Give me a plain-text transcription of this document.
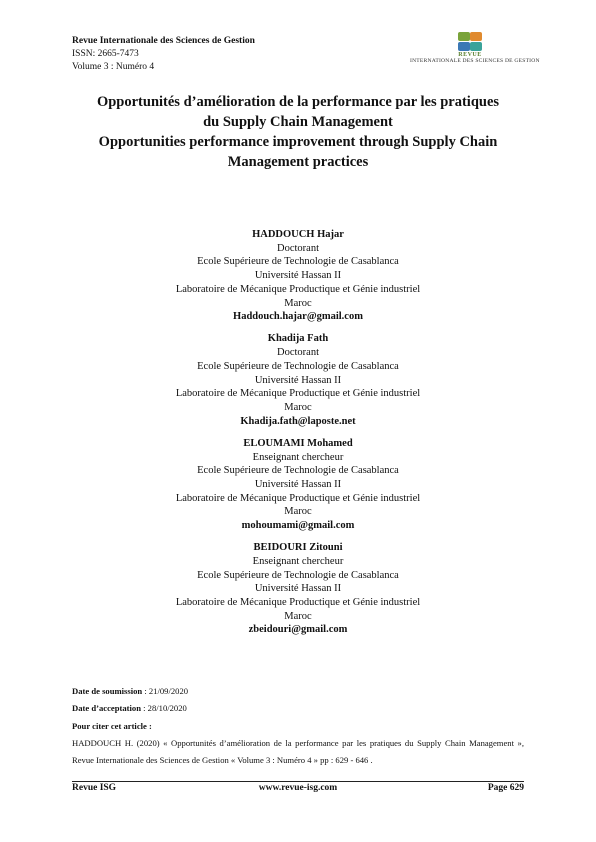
Revue Internationale des Sciences de Gestion
ISSN: 2665-7473
Volume 3 : Numéro 4
REVUE
INTERNATIONALE DES SCIENCES DE GESTION
Opportunités d’amélioration de la performance par les pratiques
du Supply Chain Management
Opportunities performance improvement through Supply Chain
Management practices
HADDOUCH Hajar
Doctorant
Ecole Supérieure de Technologie de Casablanca
Université Hassan II
Laboratoire de Mécanique Productique et Génie industriel
Maroc
Haddouch.hajar@gmail.com
Khadija Fath
Doctorant
Ecole Supérieure de Technologie de Casablanca
Université Hassan II
Laboratoire de Mécanique Productique et Génie industriel
Maroc
Khadija.fath@laposte.net
ELOUMAMI Mohamed
Enseignant chercheur
Ecole Supérieure de Technologie de Casablanca
Université Hassan II
Laboratoire de Mécanique Productique et Génie industriel
Maroc
mohoumami@gmail.com
BEIDOURI Zitouni
Enseignant chercheur
Ecole Supérieure de Technologie de Casablanca
Université Hassan II
Laboratoire de Mécanique Productique et Génie industriel
Maroc
zbeidouri@gmail.com
Date de soumission : 21/09/2020
Date d’acceptation : 28/10/2020
Pour citer cet article :
HADDOUCH H. (2020) « Opportunités d’amélioration de la performance par les pratiques du Supply Chain Management », Revue Internationale des Sciences de Gestion « Volume 3 : Numéro 4 » pp : 629 - 646 .
Revue ISG	www.revue-isg.com	Page 629
